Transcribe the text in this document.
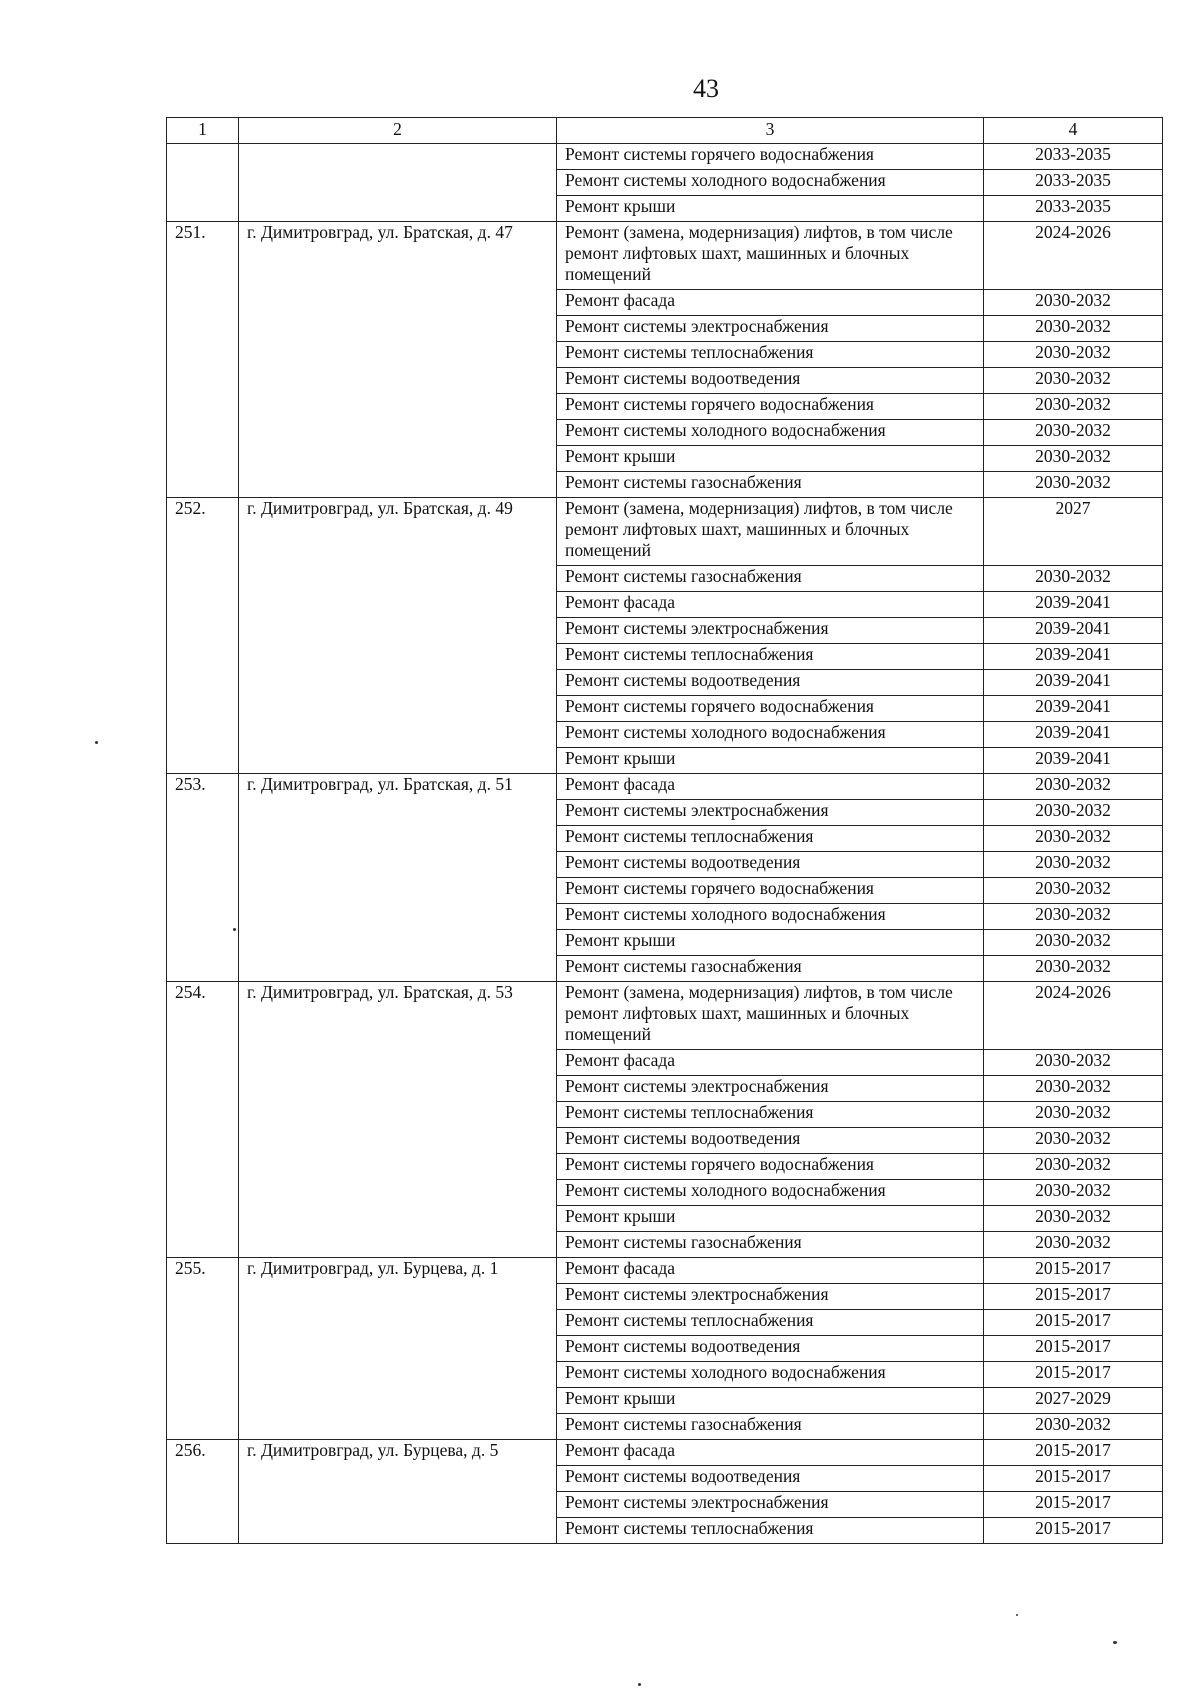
43
1	2	3	4
		Ремонт системы горячего водоснабжения	2033-2035
		Ремонт системы холодного водоснабжения	2033-2035
		Ремонт крыши	2033-2035
251.	г. Димитровград, ул. Братская, д. 47	Ремонт (замена, модернизация) лифтов, в том числе ремонт лифтовых шахт, машинных и блочных помещений	2024-2026
		Ремонт фасада	2030-2032
		Ремонт системы электроснабжения	2030-2032
		Ремонт системы теплоснабжения	2030-2032
		Ремонт системы водоотведения	2030-2032
		Ремонт системы горячего водоснабжения	2030-2032
		Ремонт системы холодного водоснабжения	2030-2032
		Ремонт крыши	2030-2032
		Ремонт системы газоснабжения	2030-2032
252.	г. Димитровград, ул. Братская, д. 49	Ремонт (замена, модернизация) лифтов, в том числе ремонт лифтовых шахт, машинных и блочных помещений	2027
		Ремонт системы газоснабжения	2030-2032
		Ремонт фасада	2039-2041
		Ремонт системы электроснабжения	2039-2041
		Ремонт системы теплоснабжения	2039-2041
		Ремонт системы водоотведения	2039-2041
		Ремонт системы горячего водоснабжения	2039-2041
		Ремонт системы холодного водоснабжения	2039-2041
		Ремонт крыши	2039-2041
253.	г. Димитровград, ул. Братская, д. 51	Ремонт фасада	2030-2032
		Ремонт системы электроснабжения	2030-2032
		Ремонт системы теплоснабжения	2030-2032
		Ремонт системы водоотведения	2030-2032
		Ремонт системы горячего водоснабжения	2030-2032
		Ремонт системы холодного водоснабжения	2030-2032
		Ремонт крыши	2030-2032
		Ремонт системы газоснабжения	2030-2032
254.	г. Димитровград, ул. Братская, д. 53	Ремонт (замена, модернизация) лифтов, в том числе ремонт лифтовых шахт, машинных и блочных помещений	2024-2026
		Ремонт фасада	2030-2032
		Ремонт системы электроснабжения	2030-2032
		Ремонт системы теплоснабжения	2030-2032
		Ремонт системы водоотведения	2030-2032
		Ремонт системы горячего водоснабжения	2030-2032
		Ремонт системы холодного водоснабжения	2030-2032
		Ремонт крыши	2030-2032
		Ремонт системы газоснабжения	2030-2032
255.	г. Димитровград, ул. Бурцева, д. 1	Ремонт фасада	2015-2017
		Ремонт системы электроснабжения	2015-2017
		Ремонт системы теплоснабжения	2015-2017
		Ремонт системы водоотведения	2015-2017
		Ремонт системы холодного водоснабжения	2015-2017
		Ремонт крыши	2027-2029
		Ремонт системы газоснабжения	2030-2032
256.	г. Димитровград, ул. Бурцева, д. 5	Ремонт фасада	2015-2017
		Ремонт системы водоотведения	2015-2017
		Ремонт системы электроснабжения	2015-2017
		Ремонт системы теплоснабжения	2015-2017
